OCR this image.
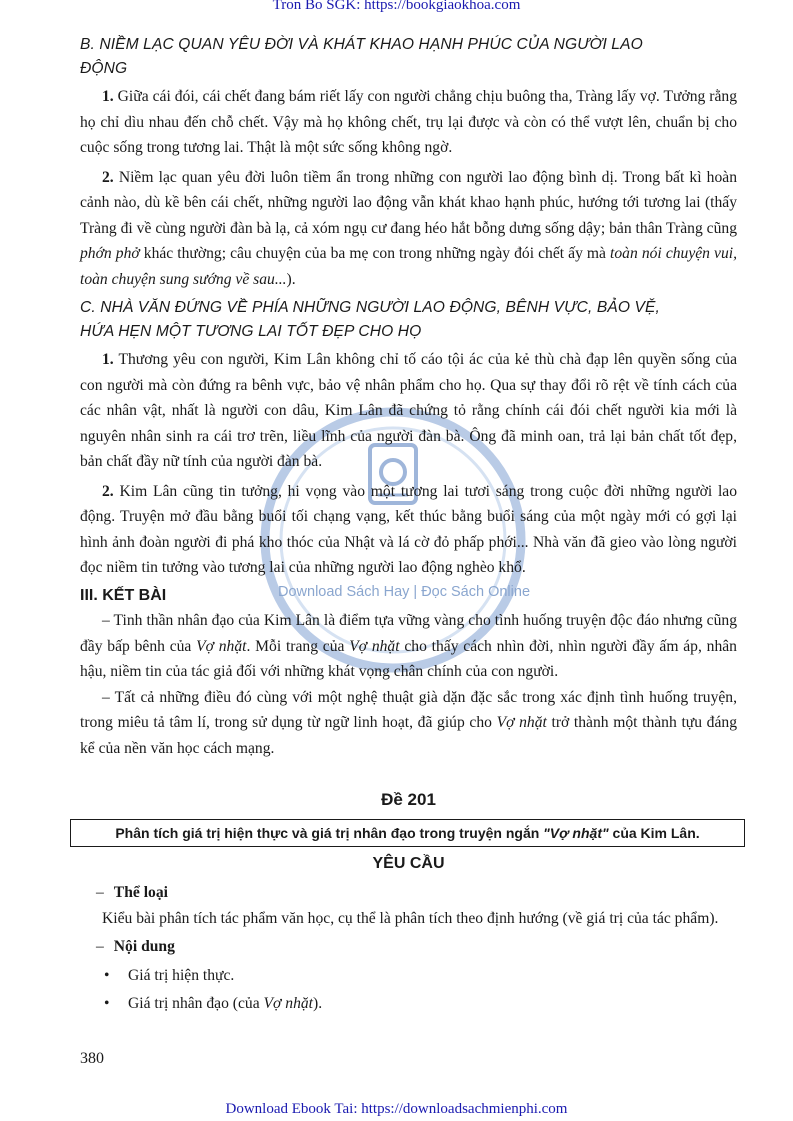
Tron Bo SGK: https://bookgiaokhoa.com
Download Sách Hay | Đọc Sách Online

B. NIỀM LẠC QUAN YÊU ĐỜI VÀ KHÁT KHAO HẠNH PHÚC CỦA NGƯỜI LAO
ĐỘNG

1. Giữa cái đói, cái chết đang bám riết lấy con người chẳng chịu buông tha, Tràng lấy vợ. Tưởng rằng họ chỉ dìu nhau đến chỗ chết. Vậy mà họ không chết, trụ lại được và còn có thể vượt lên, chuẩn bị cho cuộc sống trong tương lai. Thật là một sức sống không ngờ.

2. Niềm lạc quan yêu đời luôn tiềm ẩn trong những con người lao động bình dị. Trong bất kì hoàn cảnh nào, dù kề bên cái chết, những người lao động vẫn khát khao hạnh phúc, hướng tới tương lai (thấy Tràng đi về cùng người đàn bà lạ, cả xóm ngụ cư đang héo hắt bỗng dưng sống dậy; bản thân Tràng cũng phớn phở khác thường; câu chuyện của ba mẹ con trong những ngày đói chết ấy mà toàn nói chuyện vui, toàn chuyện sung sướng về sau...).

C. NHÀ VĂN ĐỨNG VỀ PHÍA NHỮNG NGƯỜI LAO ĐỘNG, BÊNH VỰC, BẢO VỆ,
HỨA HẸN MỘT TƯƠNG LAI TỐT ĐẸP CHO HỌ

1. Thương yêu con người, Kim Lân không chỉ tố cáo tội ác của kẻ thù chà đạp lên quyền sống của con người mà còn đứng ra bênh vực, bảo vệ nhân phẩm cho họ. Qua sự thay đổi rõ rệt về tính cách của các nhân vật, nhất là người con dâu, Kim Lân đã chứng tỏ rằng chính cái đói chết người kia mới là nguyên nhân sinh ra cái trơ trẽn, liều lĩnh của người đàn bà. Ông đã minh oan, trả lại bản chất tốt đẹp, bản chất đầy nữ tính của người đàn bà.

2. Kim Lân cũng tin tưởng, hi vọng vào một tương lai tươi sáng trong cuộc đời những người lao động. Truyện mở đầu bằng buổi tối chạng vạng, kết thúc bằng buổi sáng của một ngày mới có gợi lại hình ảnh đoàn người đi phá kho thóc của Nhật và lá cờ đỏ phấp phới... Nhà văn đã gieo vào lòng người đọc niềm tin tưởng vào tương lai của những người lao động nghèo khổ.

III. KẾT BÀI

– Tinh thần nhân đạo của Kim Lân là điểm tựa vững vàng cho tình huống truyện độc đáo nhưng cũng đầy bấp bênh của Vợ nhặt. Mỗi trang của Vợ nhặt cho thấy cách nhìn đời, nhìn người đầy ấm áp, nhân hậu, niềm tin của tác giả đối với những khát vọng chân chính của con người.

– Tất cả những điều đó cùng với một nghệ thuật già dặn đặc sắc trong xác định tình huống truyện, trong miêu tả tâm lí, trong sử dụng từ ngữ linh hoạt, đã giúp cho Vợ nhặt trở thành một thành tựu đáng kể của nền văn học cách mạng.

Đề 201

Phân tích giá trị hiện thực và giá trị nhân đạo trong truyện ngắn "Vợ nhặt" của Kim Lân.

YÊU CẦU

– Thể loại

Kiểu bài phân tích tác phẩm văn học, cụ thể là phân tích theo định hướng (về giá trị của tác phẩm).

– Nội dung

• Giá trị hiện thực.

• Giá trị nhân đạo (của Vợ nhặt).

380
Download Ebook Tai: https://downloadsachmienphi.com
